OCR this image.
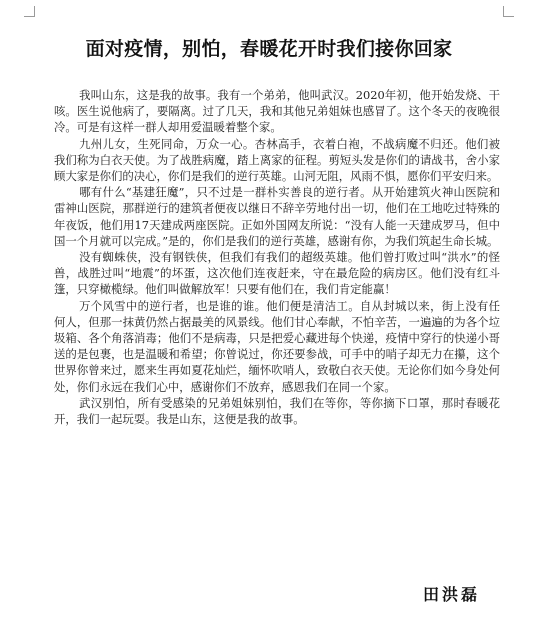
面对疫情，别怕，春暖花开时我们接你回家

我叫山东，这是我的故事。我有一个弟弟，他叫武汉。2020年初，他开始发烧、干咳。医生说他病了，要隔离。过了几天，我和其他兄弟姐妹也感冒了。这个冬天的夜晚很冷。可是有这样一群人却用爱温暖着整个家。

九州儿女，生死同命，万众一心。杏林高手，衣着白袍，不战病魔不归还。他们被我们称为白衣天使。为了战胜病魔，踏上离家的征程。剪短头发是你们的请战书，舍小家顾大家是你们的决心，你们是我们的逆行英雄。山河无阻，风雨不惧，愿你们平安归来。

哪有什么“基建狂魔”，只不过是一群朴实善良的逆行者。从开始建筑火神山医院和雷神山医院，那群逆行的建筑者便夜以继日不辞辛劳地付出一切，他们在工地吃过特殊的年夜饭，他们用17天建成两座医院。正如外国网友所说：“没有人能一天建成罗马，但中国一个月就可以完成。”是的，你们是我们的逆行英雄，感谢有你，为我们筑起生命长城。

没有蜘蛛侠，没有钢铁侠，但我们有我们的超级英雄。他们曾打败过叫“洪水”的怪兽，战胜过叫“地震”的坏蛋，这次他们连夜赶来，守在最危险的病房区。他们没有红斗篷，只穿橄榄绿。他们叫做解放军！只要有他们在，我们肯定能赢！

万个风雪中的逆行者，也是谁的谁。他们便是清洁工。自从封城以来，街上没有任何人，但那一抹黄仍然占据最美的风景线。他们甘心奉献，不怕辛苦，一遍遍的为各个垃圾箱、各个角落消毒；他们不是病毒，只是把爱心藏进每个快递，疫情中穿行的快递小哥送的是包裹，也是温暖和希望；你曾说过，你还要参战，可手中的哨子却无力在攥，这个世界你曾来过，愿来生再如夏花灿烂，缅怀吹哨人，致敬白衣天使。无论你们如今身处何处，你们永远在我们心中，感谢你们不放弃，感恩我们在同一个家。

武汉别怕，所有受感染的兄弟姐妹别怕，我们在等你，等你摘下口罩，那时春暖花开，我们一起玩耍。我是山东，这便是我的故事。

田洪磊
